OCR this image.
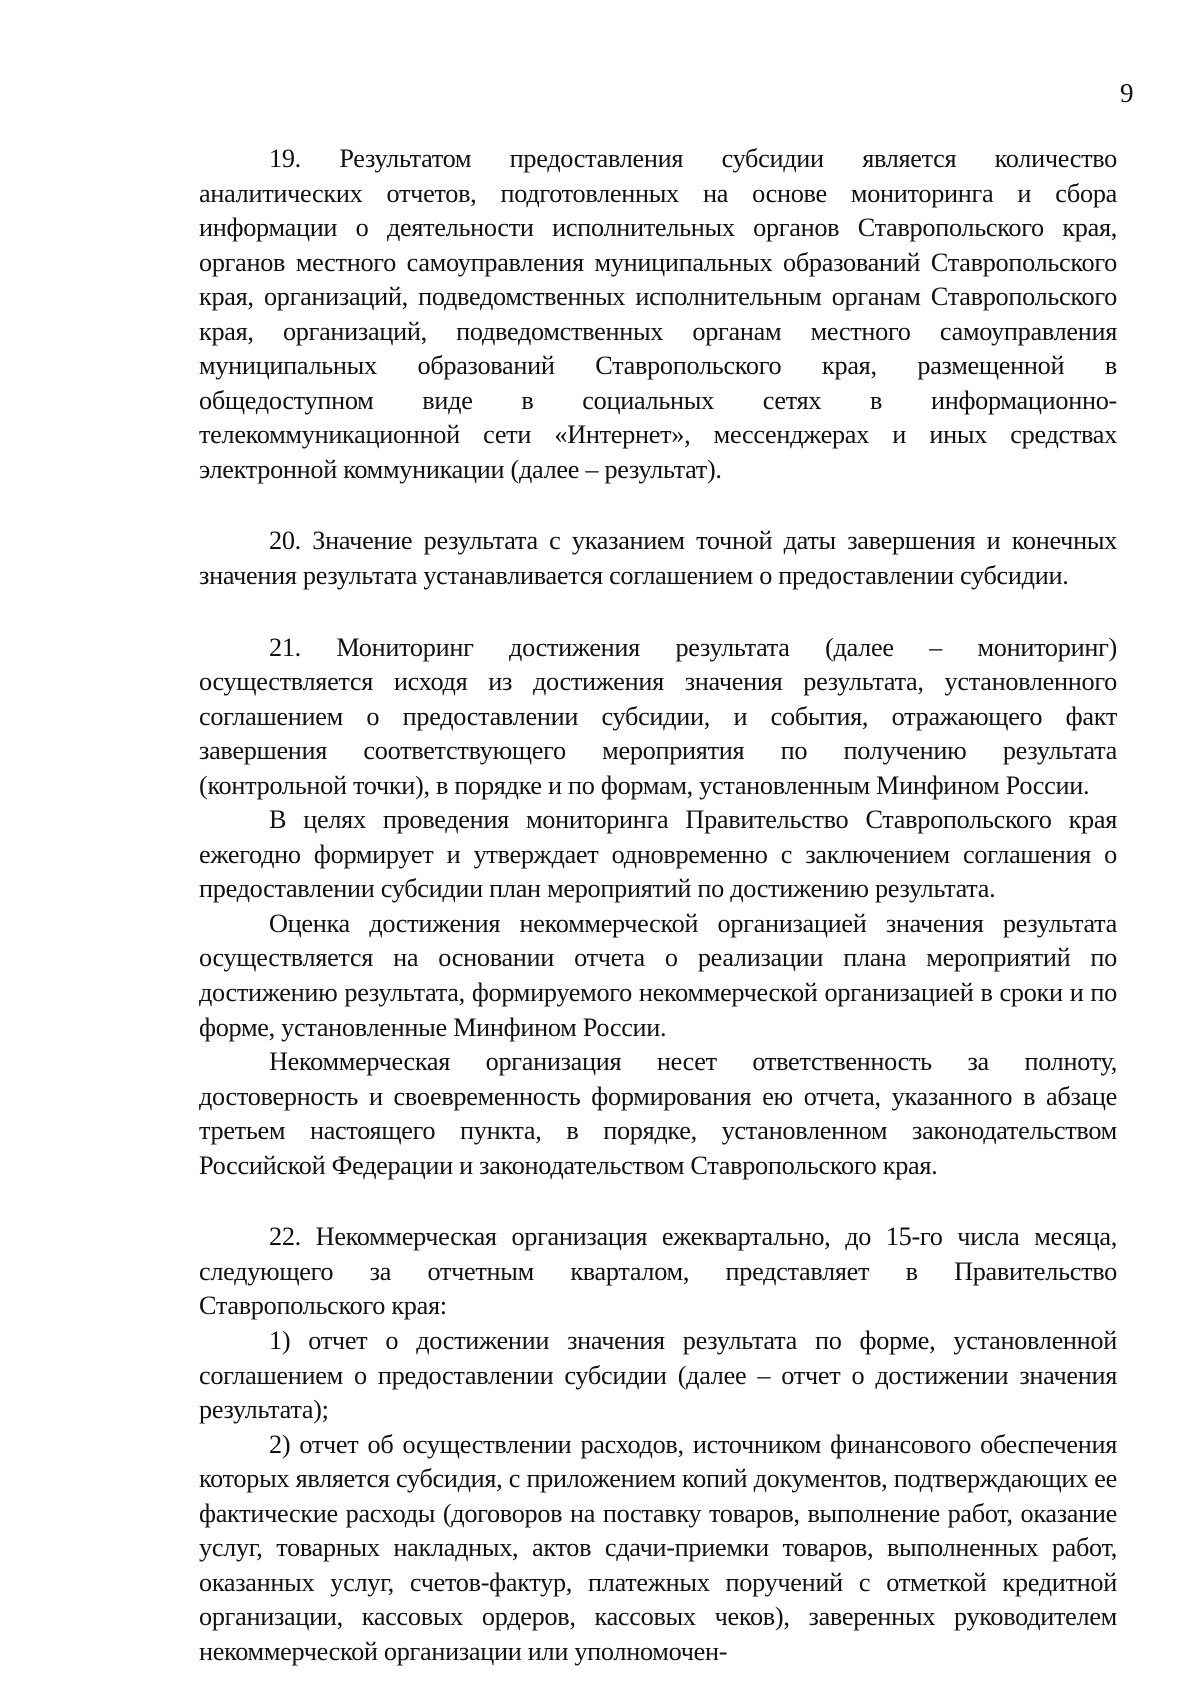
9

19. Результатом предоставления субсидии является количество аналитических отчетов, подготовленных на основе мониторинга и сбора информации о деятельности исполнительных органов Ставропольского края, органов местного самоуправления муниципальных образований Ставропольского края, организаций, подведомственных исполнительным органам Ставропольского края, организаций, подведомственных органам местного самоуправления муниципальных образований Ставропольского края, размещенной в общедоступном виде в социальных сетях в информационно-телекоммуникационной сети «Интернет», мессенджерах и иных средствах электронной коммуникации (далее – результат).

20. Значение результата с указанием точной даты завершения и конечных значения результата устанавливается соглашением о предоставлении субсидии.

21. Мониторинг достижения результата (далее – мониторинг) осуществляется исходя из достижения значения результата, установленного соглашением о предоставлении субсидии, и события, отражающего факт завершения соответствующего мероприятия по получению результата (контрольной точки), в порядке и по формам, установленным Минфином России.

В целях проведения мониторинга Правительство Ставропольского края ежегодно формирует и утверждает одновременно с заключением соглашения о предоставлении субсидии план мероприятий по достижению результата.

Оценка достижения некоммерческой организацией значения результата осуществляется на основании отчета о реализации плана мероприятий по достижению результата, формируемого некоммерческой организацией в сроки и по форме, установленные Минфином России.

Некоммерческая организация несет ответственность за полноту, достоверность и своевременность формирования ею отчета, указанного в абзаце третьем настоящего пункта, в порядке, установленном законодательством Российской Федерации и законодательством Ставропольского края.

22. Некоммерческая организация ежеквартально, до 15-го числа месяца, следующего за отчетным кварталом, представляет в Правительство Ставропольского края:

1) отчет о достижении значения результата по форме, установленной соглашением о предоставлении субсидии (далее – отчет о достижении значения результата);

2) отчет об осуществлении расходов, источником финансового обеспечения которых является субсидия, с приложением копий документов, подтверждающих ее фактические расходы (договоров на поставку товаров, выполнение работ, оказание услуг, товарных накладных, актов сдачи-приемки товаров, выполненных работ, оказанных услуг, счетов-фактур, платежных поручений с отметкой кредитной организации, кассовых ордеров, кассовых чеков), заверенных руководителем некоммерческой организации или уполномочен-
